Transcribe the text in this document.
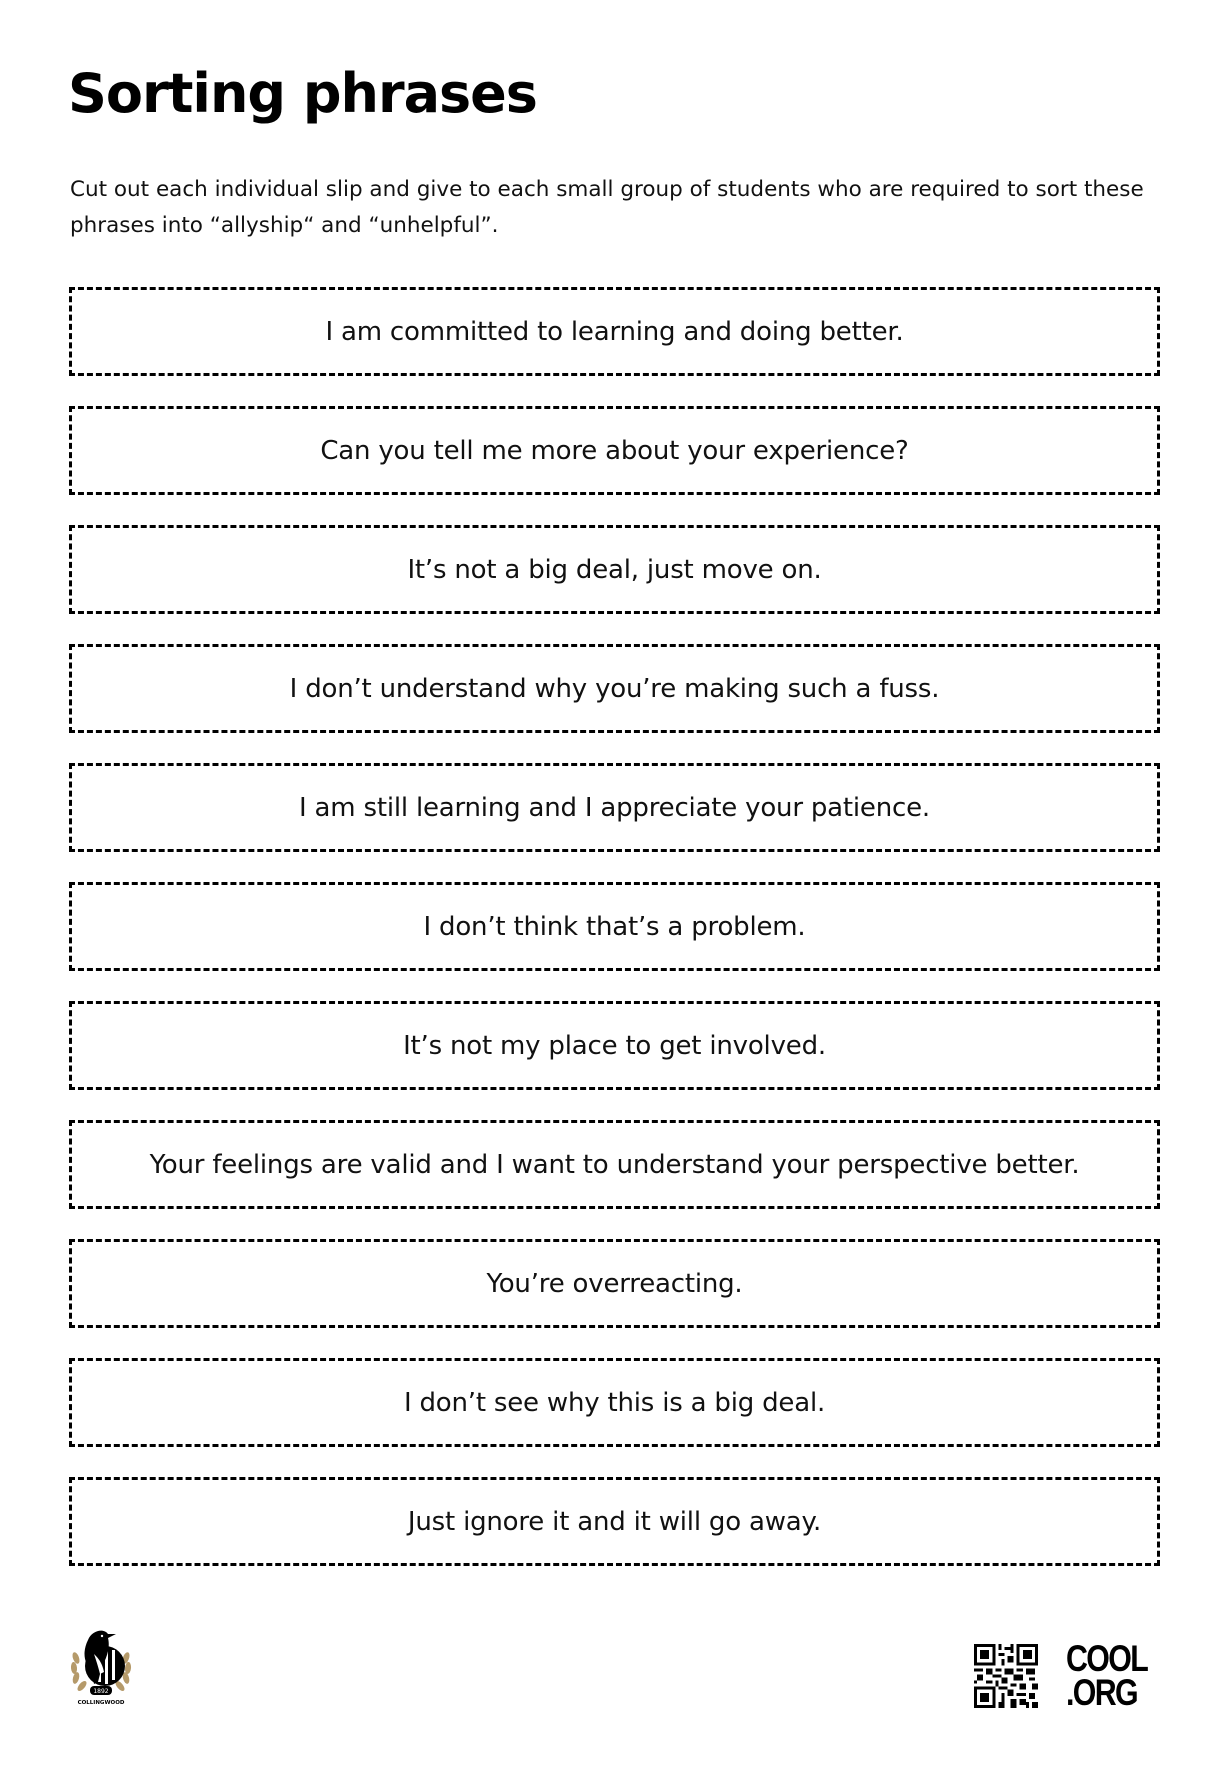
Sorting phrases

Cut out each individual slip and give to each small group of students who are required to sort these phrases into “allyship“ and “unhelpful”.

I am committed to learning and doing better.
Can you tell me more about your experience?
It’s not a big deal, just move on.
I don’t understand why you’re making such a fuss.
I am still learning and I appreciate your patience.
I don’t think that’s a problem.
It’s not my place to get involved.
Your feelings are valid and I want to understand your perspective better.
You’re overreacting.
I don’t see why this is a big deal.
Just ignore it and it will go away.
1892
COLLINGWOOD
COOL
.ORG
